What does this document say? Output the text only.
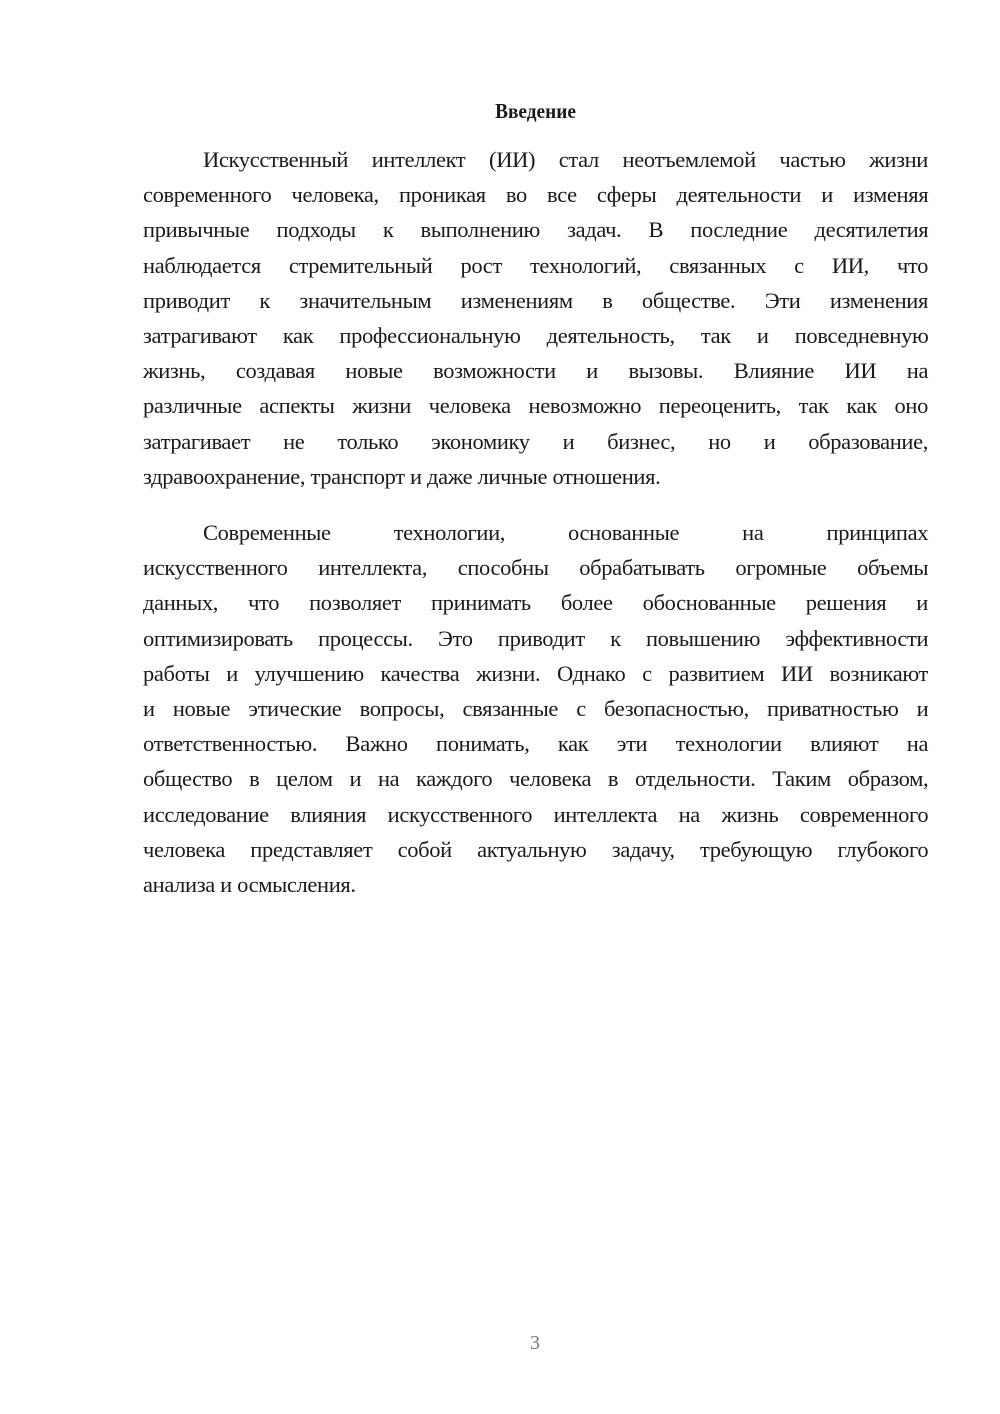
Введение
Искусственный интеллект (ИИ) стал неотъемлемой частью жизни
современного человека, проникая во все сферы деятельности и изменяя
привычные подходы к выполнению задач. В последние десятилетия
наблюдается стремительный рост технологий, связанных с ИИ, что
приводит к значительным изменениям в обществе. Эти изменения
затрагивают как профессиональную деятельность, так и повседневную
жизнь, создавая новые возможности и вызовы. Влияние ИИ на
различные аспекты жизни человека невозможно переоценить, так как оно
затрагивает не только экономику и бизнес, но и образование,
здравоохранение, транспорт и даже личные отношения.
Современные технологии, основанные на принципах
искусственного интеллекта, способны обрабатывать огромные объемы
данных, что позволяет принимать более обоснованные решения и
оптимизировать процессы. Это приводит к повышению эффективности
работы и улучшению качества жизни. Однако с развитием ИИ возникают
и новые этические вопросы, связанные с безопасностью, приватностью и
ответственностью. Важно понимать, как эти технологии влияют на
общество в целом и на каждого человека в отдельности. Таким образом,
исследование влияния искусственного интеллекта на жизнь современного
человека представляет собой актуальную задачу, требующую глубокого
анализа и осмысления.
3
